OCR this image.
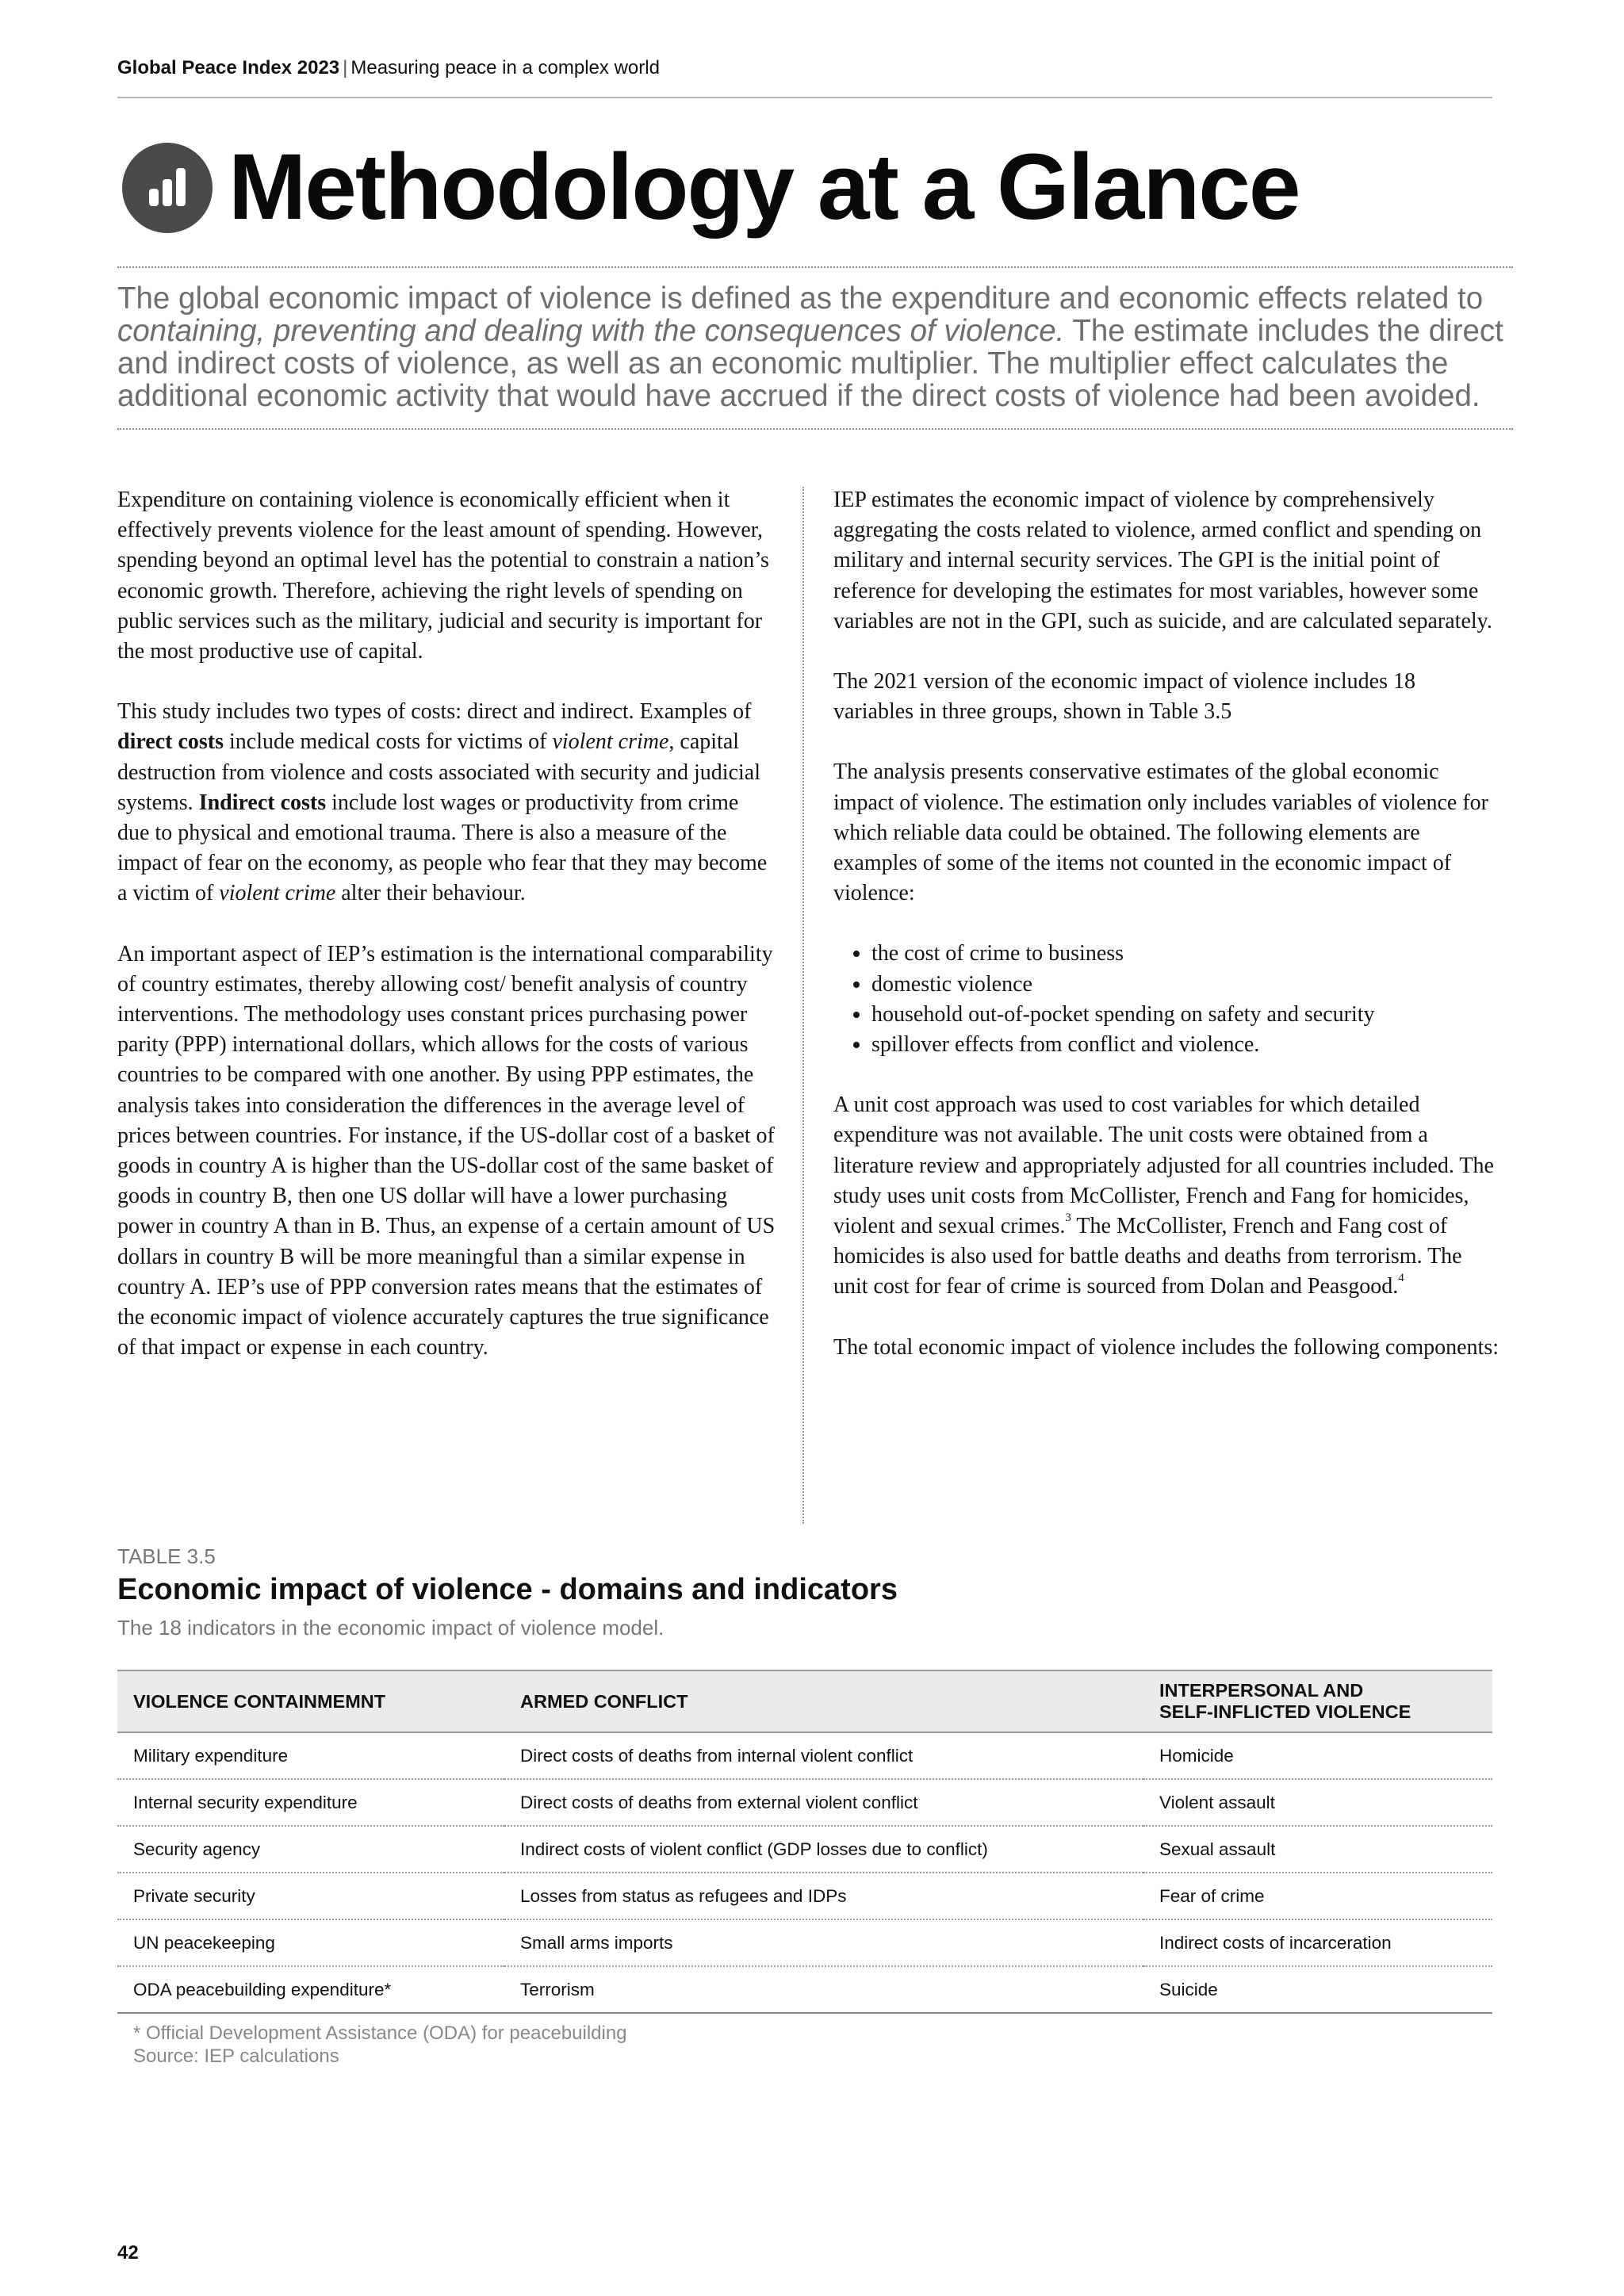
Global Peace Index 2023 | Measuring peace in a complex world
Methodology at a Glance
The global economic impact of violence is defined as the expenditure and economic effects related to containing, preventing and dealing with the consequences of violence. The estimate includes the direct and indirect costs of violence, as well as an economic multiplier. The multiplier effect calculates the additional economic activity that would have accrued if the direct costs of violence had been avoided.

Expenditure on containing violence is economically efficient when it effectively prevents violence for the least amount of spending. However, spending beyond an optimal level has the potential to constrain a nation’s economic growth. Therefore, achieving the right levels of spending on public services such as the military, judicial and security is important for the most productive use of capital.

This study includes two types of costs: direct and indirect. Examples of direct costs include medical costs for victims of violent crime, capital destruction from violence and costs associated with security and judicial systems. Indirect costs include lost wages or productivity from crime due to physical and emotional trauma. There is also a measure of the impact of fear on the economy, as people who fear that they may become a victim of violent crime alter their behaviour.

An important aspect of IEP’s estimation is the international comparability of country estimates, thereby allowing cost/ benefit analysis of country interventions. The methodology uses constant prices purchasing power parity (PPP) international dollars, which allows for the costs of various countries to be compared with one another. By using PPP estimates, the analysis takes into consideration the differences in the average level of prices between countries. For instance, if the US-dollar cost of a basket of goods in country A is higher than the US-dollar cost of the same basket of goods in country B, then one US dollar will have a lower purchasing power in country A than in B. Thus, an expense of a certain amount of US dollars in country B will be more meaningful than a similar expense in country A. IEP’s use of PPP conversion rates means that the estimates of the economic impact of violence accurately captures the true significance of that impact or expense in each country.

IEP estimates the economic impact of violence by comprehensively aggregating the costs related to violence, armed conflict and spending on military and internal security services. The GPI is the initial point of reference for developing the estimates for most variables, however some variables are not in the GPI, such as suicide, and are calculated separately.

The 2021 version of the economic impact of violence includes 18 variables in three groups, shown in Table 3.5

The analysis presents conservative estimates of the global economic impact of violence. The estimation only includes variables of violence for which reliable data could be obtained. The following elements are examples of some of the items not counted in the economic impact of violence:

• the cost of crime to business
• domestic violence
• household out-of-pocket spending on safety and security
• spillover effects from conflict and violence.

A unit cost approach was used to cost variables for which detailed expenditure was not available. The unit costs were obtained from a literature review and appropriately adjusted for all countries included. The study uses unit costs from McCollister, French and Fang for homicides, violent and sexual crimes.$^3$ The McCollister, French and Fang cost of homicides is also used for battle deaths and deaths from terrorism. The unit cost for fear of crime is sourced from Dolan and Peasgood.$^4$

The total economic impact of violence includes the following components:

TABLE 3.5
Economic impact of violence - domains and indicators
The 18 indicators in the economic impact of violence model.
VIOLENCE CONTAINMEMNT	ARMED CONFLICT	INTERPERSONAL AND
SELF-INFLICTED VIOLENCE
Military expenditure	Direct costs of deaths from internal violent conflict	Homicide
Internal security expenditure	Direct costs of deaths from external violent conflict	Violent assault
Security agency	Indirect costs of violent conflict (GDP losses due to conflict)	Sexual assault
Private security	Losses from status as refugees and IDPs	Fear of crime
UN peacekeeping	Small arms imports	Indirect costs of incarceration
ODA peacebuilding expenditure*	Terrorism	Suicide
* Official Development Assistance (ODA) for peacebuilding
Source: IEP calculations
42
